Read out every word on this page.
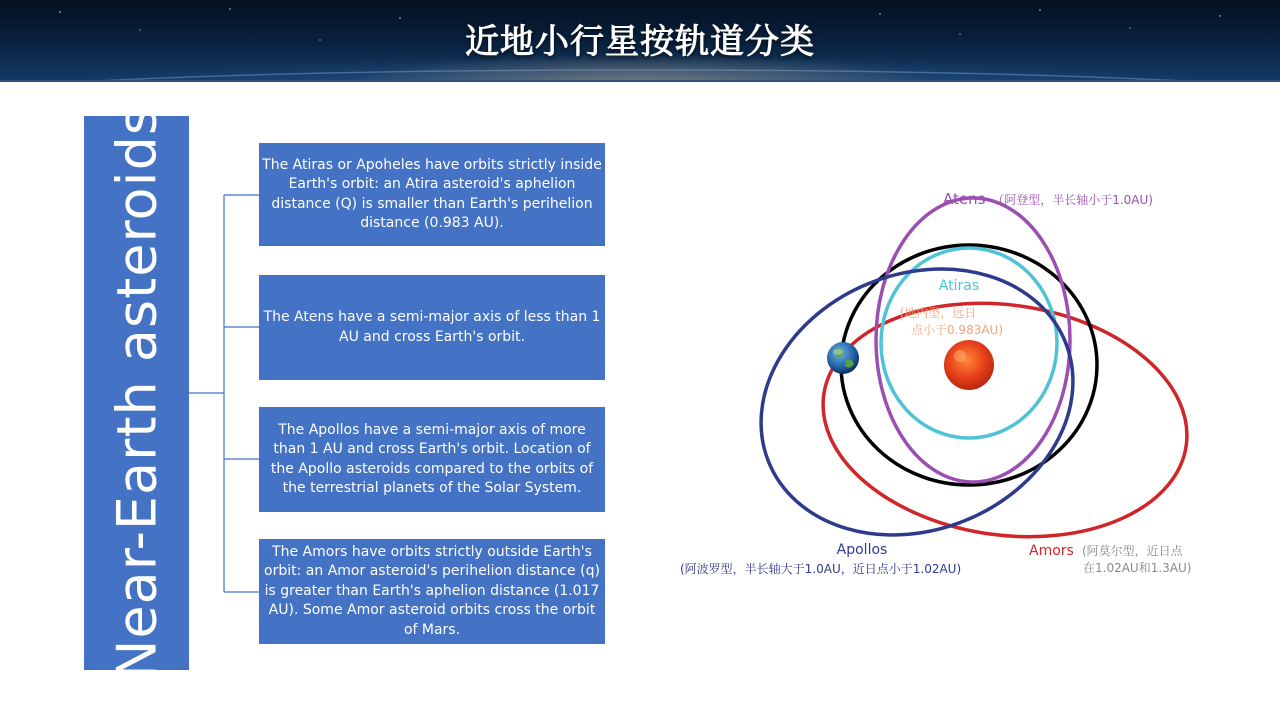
近地小行星按轨道分类
Near-Earth asteroids	The Atiras or Apoheles have orbits strictly inside Earth's orbit: an Atira asteroid's aphelion distance (Q) is smaller than Earth's perihelion distance (0.983 AU).
The Atens have a semi-major axis of less than 1 AU and cross Earth's orbit.
The Apollos have a semi-major axis of more than 1 AU and cross Earth's orbit. Location of the Apollo asteroids compared to the orbits of the terrestrial planets of the Solar System.
The Amors have orbits strictly outside Earth's orbit: an Amor asteroid's perihelion distance (q) is greater than Earth's aphelion distance (1.017 AU). Some Amor asteroid orbits cross the orbit of Mars.
Atens （阿登型，半长轴小于1.0AU)
Atiras
(地内型，远日
点小于0.983AU)
Apollos
(阿波罗型，半长轴大于1.0AU，近日点小于1.02AU)
Amors (阿莫尔型，近日点
在1.02AU和1.3AU)
